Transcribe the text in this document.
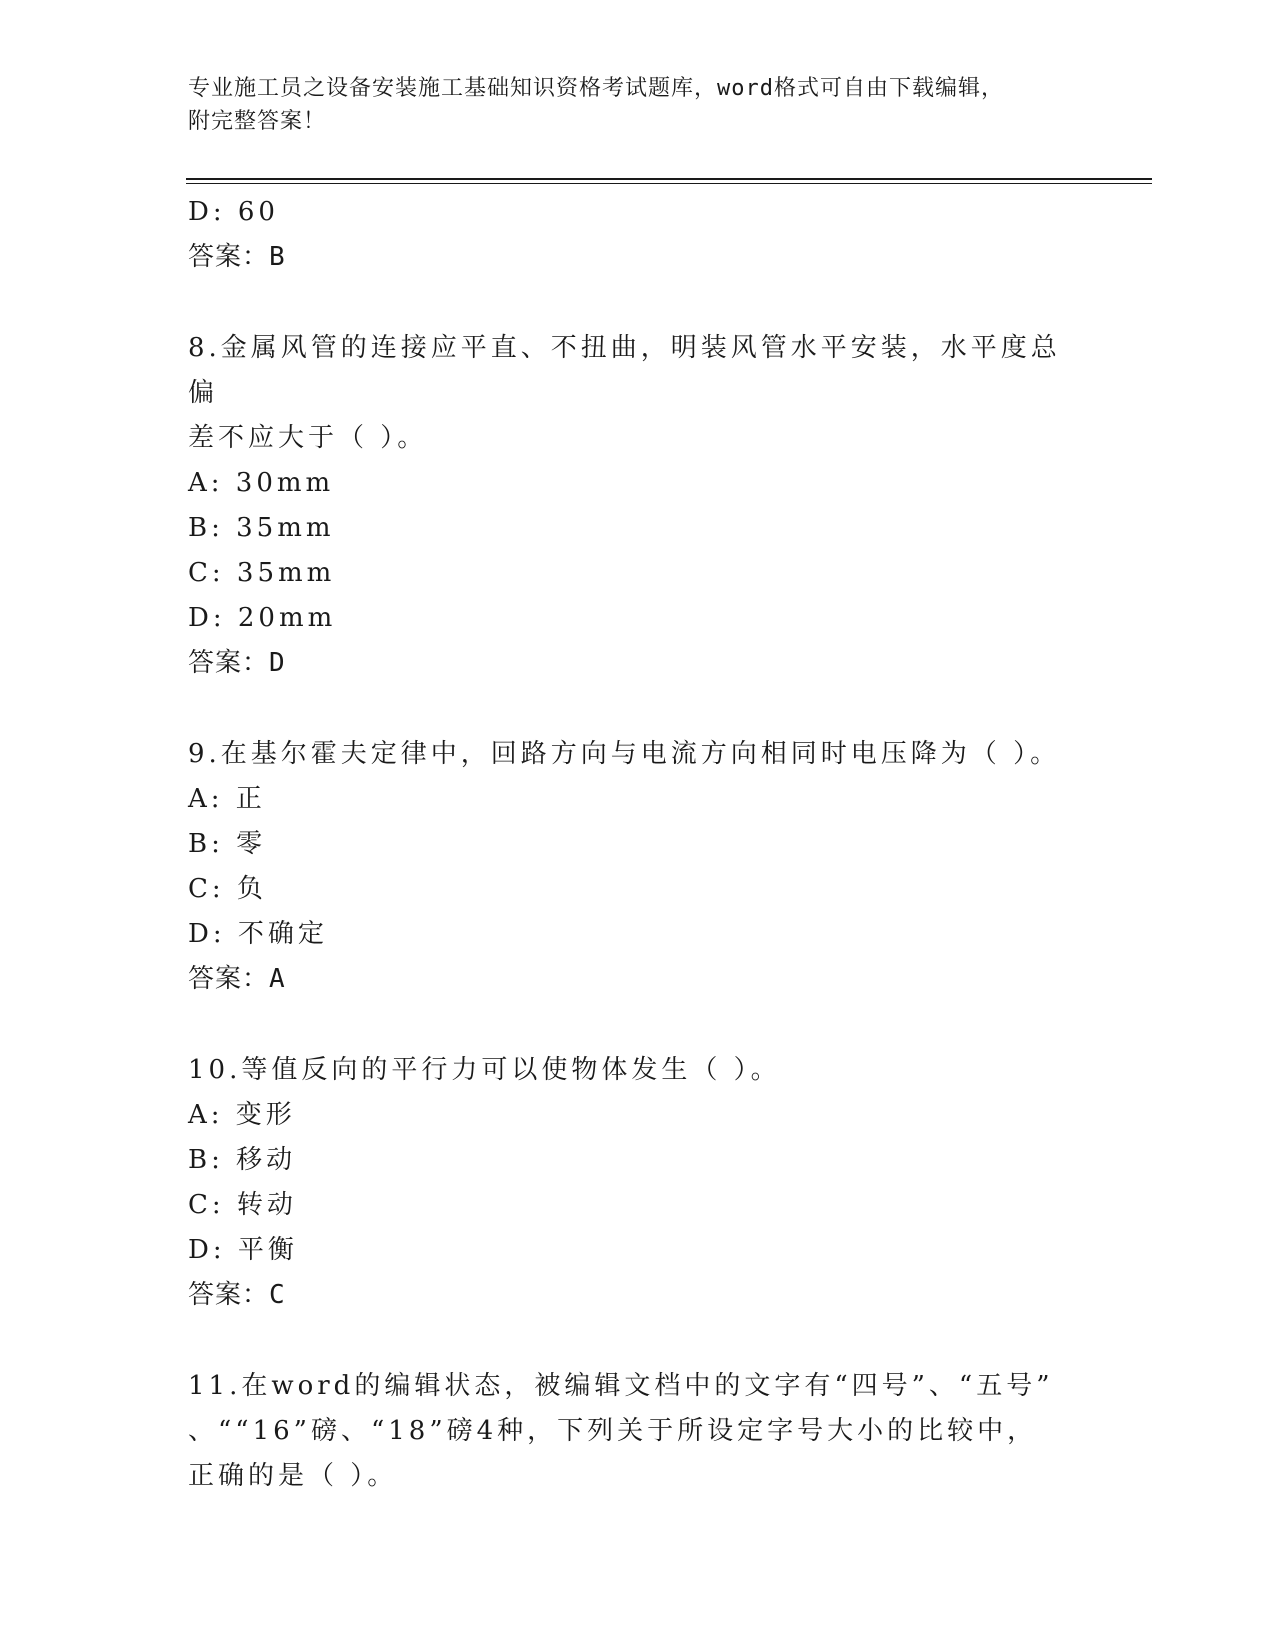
专业施工员之设备安装施工基础知识资格考试题库，word格式可自由下载编辑，
附完整答案！
D: 60
答案：B
8.金属风管的连接应平直、不扭曲，明装风管水平安装，水平度总偏
差不应大于（ ）。
A: 30mm
B: 35mm
C: 35mm
D: 20mm
答案：D
9.在基尔霍夫定律中，回路方向与电流方向相同时电压降为（ ）。
A: 正
B: 零
C: 负
D: 不确定
答案：A
10.等值反向的平行力可以使物体发生（ ）。
A: 变形
B: 移动
C: 转动
D: 平衡
答案：C
11.在word的编辑状态，被编辑文档中的文字有“四号”、“五号”
、““16”磅、“18”磅4种，下列关于所设定字号大小的比较中，
正确的是（ ）。
